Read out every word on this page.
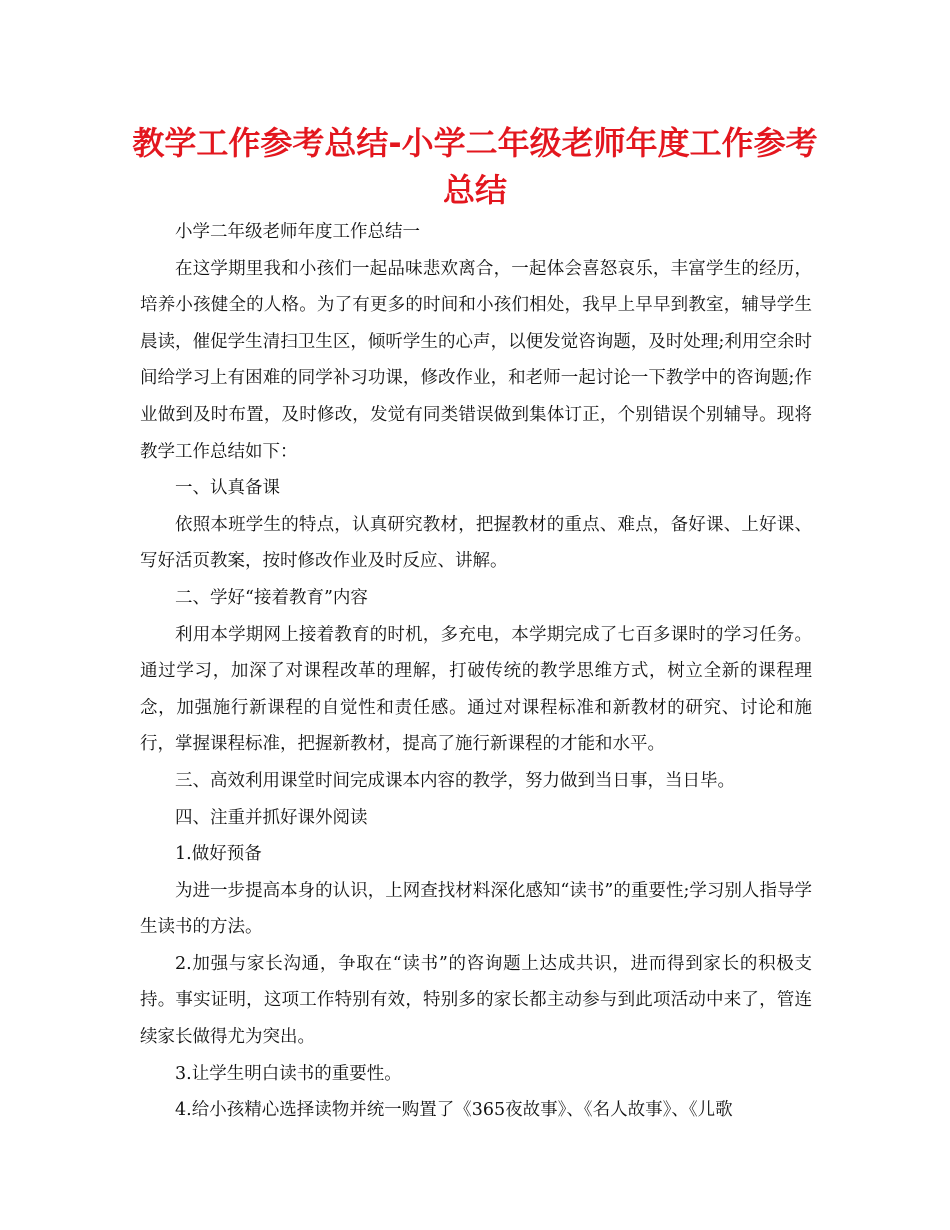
教学工作参考总结-小学二年级老师年度工作参考总结

小学二年级老师年度工作总结一

在这学期里我和小孩们一起品味悲欢离合，一起体会喜怒哀乐，丰富学生的经历，培养小孩健全的人格。为了有更多的时间和小孩们相处，我早上早早到教室，辅导学生晨读，催促学生清扫卫生区，倾听学生的心声，以便发觉咨询题，及时处理;利用空余时间给学习上有困难的同学补习功课，修改作业，和老师一起讨论一下教学中的咨询题;作业做到及时布置，及时修改，发觉有同类错误做到集体订正，个别错误个别辅导。现将教学工作总结如下：

一、认真备课

依照本班学生的特点，认真研究教材，把握教材的重点、难点，备好课、上好课、写好活页教案，按时修改作业及时反应、讲解。

二、学好“接着教育”内容

利用本学期网上接着教育的时机，多充电，本学期完成了七百多课时的学习任务。通过学习，加深了对课程改革的理解，打破传统的教学思维方式，树立全新的课程理念，加强施行新课程的自觉性和责任感。通过对课程标准和新教材的研究、讨论和施行，掌握课程标准，把握新教材，提高了施行新课程的才能和水平。

三、高效利用课堂时间完成课本内容的教学，努力做到当日事，当日毕。

四、注重并抓好课外阅读

1.做好预备

为进一步提高本身的认识，上网查找材料深化感知“读书”的重要性;学习别人指导学生读书的方法。

2.加强与家长沟通，争取在“读书”的咨询题上达成共识，进而得到家长的积极支持。事实证明，这项工作特别有效，特别多的家长都主动参与到此项活动中来了，管连续家长做得尤为突出。

3.让学生明白读书的重要性。

4.给小孩精心选择读物并统一购置了《365夜故事》、《名人故事》、《儿歌
